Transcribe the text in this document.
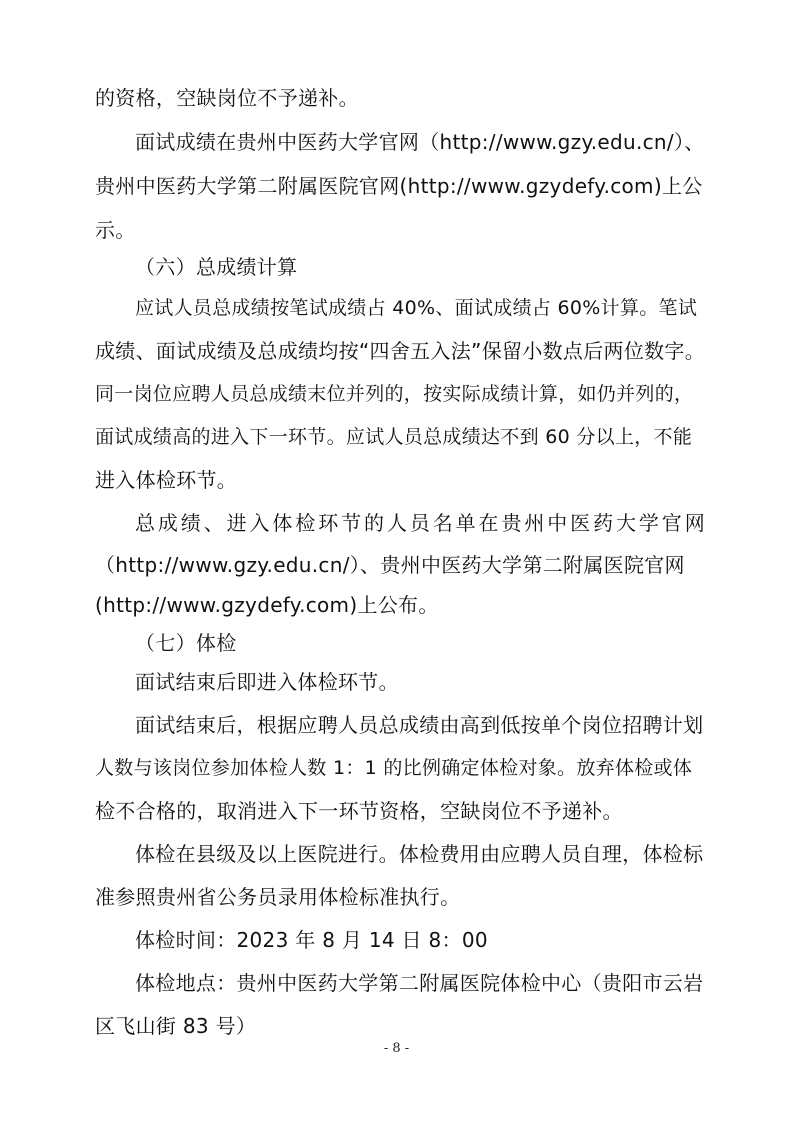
的资格，空缺岗位不予递补。
面试成绩在贵州中医药大学官网（http://www.gzy.edu.cn/）、
贵州中医药大学第二附属医院官网(http://www.gzydefy.com)上公
示。
（六）总成绩计算
应试人员总成绩按笔试成绩占 40%、面试成绩占 60%计算。笔试
成绩、面试成绩及总成绩均按“四舍五入法”保留小数点后两位数字。
同一岗位应聘人员总成绩末位并列的，按实际成绩计算，如仍并列的，
面试成绩高的进入下一环节。应试人员总成绩达不到 60 分以上，不能
进入体检环节。
总成绩、进入体检环节的人员名单在贵州中医药大学官网
（http://www.gzy.edu.cn/）、贵州中医药大学第二附属医院官网
(http://www.gzydefy.com)上公布。
（七）体检
面试结束后即进入体检环节。
面试结束后，根据应聘人员总成绩由高到低按单个岗位招聘计划
人数与该岗位参加体检人数 1：1 的比例确定体检对象。放弃体检或体
检不合格的，取消进入下一环节资格，空缺岗位不予递补。
体检在县级及以上医院进行。体检费用由应聘人员自理，体检标
准参照贵州省公务员录用体检标准执行。
体检时间：2023 年 8 月 14 日 8：00
体检地点：贵州中医药大学第二附属医院体检中心（贵阳市云岩
区飞山街 83 号）
- 8 -
